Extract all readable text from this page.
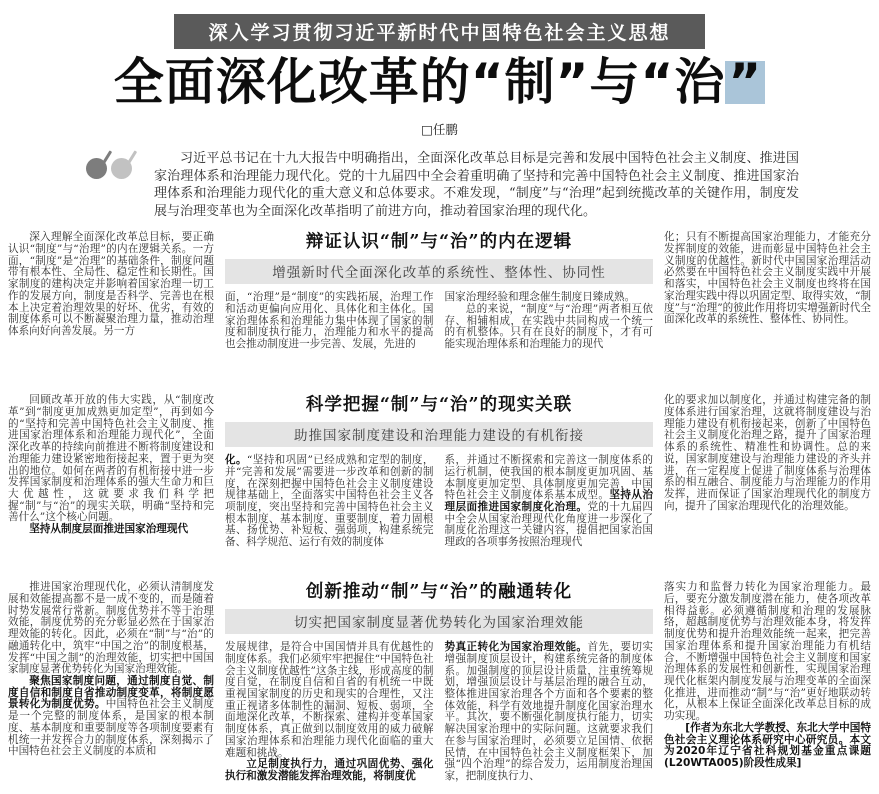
深入学习贯彻习近平新时代中国特色社会主义思想
全面深化改革的“制”与“治”
□任鹏

习近平总书记在十九大报告中明确指出，全面深化改革总目标是完善和发展中国特色社会主义制度、推进国家治理体系和治理能力现代化。党的十九届四中全会着重明确了坚持和完善中国特色社会主义制度、推进国家治理体系和治理能力现代化的重大意义和总体要求。不难发现，“制度”与“治理”起到统揽改革的关键作用，制度发展与治理变革也为全面深化改革指明了前进方向，推动着国家治理的现代化。

深入理解全面深化改革总目标，要正确认识“制度”与“治理”的内在逻辑关系。一方面，“制度”是“治理”的基础条件，制度问题带有根本性、全局性、稳定性和长期性。国家制度的建构决定并影响着国家治理一切工作的发展方向，制度是否科学、完善也在根本上决定着治理效果的好坏、优劣，有效的制度体系可以不断凝聚治理力量，推动治理体系向好向善发展。另一方

辩证认识“制”与“治”的内在逻辑
增强新时代全面深化改革的系统性、整体性、协同性

面，“治理”是“制度”的实践拓展，治理工作和活动更偏向应用化、具体化和主体化。国家治理体系和治理能力集中体现了国家的制度和制度执行能力，治理能力和水平的提高也会推动制度进一步完善、发展，先进的

国家治理经验和理念催生制度日臻成熟。

总的来说，“制度”与“治理”两者相互依存、相辅相成，在实践中共同构成一个统一的有机整体。只有在良好的制度下，才有可能实现治理体系和治理能力的现代

化；只有不断提高国家治理能力，才能充分发挥制度的效能，进而彰显中国特色社会主义制度的优越性。新时代中国国家治理活动必然要在中国特色社会主义制度实践中开展和落实，中国特色社会主义制度也终将在国家治理实践中得以巩固定型、取得实效，“制度”与“治理”的彼此作用将切实增强新时代全面深化改革的系统性、整体性、协同性。

回顾改革开放的伟大实践，从“制度改革”到“制度更加成熟更加定型”，再到如今的“坚持和完善中国特色社会主义制度、推进国家治理体系和治理能力现代化”，全面深化改革的持续向前推进不断将制度建设和治理能力建设紧密地衔接起来，置于更为突出的地位。如何在两者的有机衔接中进一步发挥国家制度和治理体系的强大生命力和巨大优越性，这就要求我们科学把握“制”与“治”的现实关联，明确“坚持和完善什么”这个核心问题。

坚持从制度层面推进国家治理现代

科学把握“制”与“治”的现实关联
助推国家制度建设和治理能力建设的有机衔接

化。“坚持和巩固”已经成熟和定型的制度，并“完善和发展”需要进一步改革和创新的制度，在深刻把握中国特色社会主义制度建设规律基础上，全面落实中国特色社会主义各项制度，突出坚持和完善中国特色社会主义根本制度、基本制度、重要制度，着力固根基、扬优势、补短板、强弱项，构建系统完备、科学规范、运行有效的制度体

系，并通过不断探索和完善这一制度体系的运行机制，使我国的根本制度更加巩固、基本制度更加定型、具体制度更加完善，中国特色社会主义制度体系基本成型。坚持从治理层面推进国家制度化治理。党的十九届四中全会从国家治理现代化角度进一步深化了制度化治理这一关键内容，提倡把国家治国理政的各项事务按照治理现代

化的要求加以制度化，并通过构建完备的制度体系进行国家治理，这就将制度建设与治理能力建设有机衔接起来，创新了中国特色社会主义制度化治理之路，提升了国家治理体系的系统性、精准性和协调性。总的来说，国家制度建设与治理能力建设的齐头并进，在一定程度上促进了制度体系与治理体系的相互融合、制度能力与治理能力的作用发挥，进而保证了国家治理现代化的制度方向，提升了国家治理现代化的治理效能。

推进国家治理现代化，必须认清制度发展和效能提高都不是一成不变的，而是随着时势发展常行常新。制度优势并不等于治理效能，制度优势的充分彰显必然在于国家治理效能的转化。因此，必须在“制”与“治”的融通转化中，筑牢“中国之治”的制度根基，发挥“中国之制”的治理效能，切实把中国国家制度显著优势转化为国家治理效能。

聚焦国家制度问题，通过制度自觉、制度自信和制度自省推动制度变革，将制度愿景转化为制度优势。中国特色社会主义制度是一个完整的制度体系，是国家的根本制度、基本制度和重要制度等各项制度要素有机统一并发挥合力的制度体系，深刻揭示了中国特色社会主义制度的本质和

创新推动“制”与“治”的融通转化
切实把国家制度显著优势转化为国家治理效能

发展规律，是符合中国国情并具有优越性的制度体系。我们必须牢牢把握住“中国特色社会主义制度优越性”这条主线，形成高度的制度自觉，在制度自信和自省的有机统一中既重视国家制度的历史和现实的合理性，又注重正视诸多体制性的漏洞、短板、弱项，全面地深化改革，不断探索、建构并变革国家制度体系，真正做到以制度效用的威力破解国家治理体系和治理能力现代化面临的重大难题和挑战。

立足制度执行力，通过巩固优势、强化执行和激发潜能发挥治理效能，将制度优

势真正转化为国家治理效能。首先，要切实增强制度顶层设计，构建系统完备的制度体系。加强制度的顶层设计质量，注重统筹规划，增强顶层设计与基层治理的融合互动，整体推进国家治理各个方面和各个要素的整体效能，科学有效地提升制度化国家治理水平。其次，要不断强化制度执行能力，切实解决国家治理中的实际问题。这就要求我们在参与国家治理时，必须要立足国情、依据民情，在中国特色社会主义制度框架下，加强“四个治理”的综合发力，运用制度治理国家，把制度执行力、

落实力和监督力转化为国家治理能力。最后，要充分激发制度潜在能力，使各项改革相得益彰。必须遵循制度和治理的发展脉络，超越制度优势与治理效能本身，将发挥制度优势和提升治理效能统一起来，把完善国家治理体系和提升国家治理能力有机结合，不断增强中国特色社会主义制度和国家治理体系的发展性和创新性，实现国家治理现代化框架内制度发展与治理变革的全面深化推进，进而推动“制”与“治”更好地联动转化，从根本上保证全面深化改革总目标的成功实现。

[作者为东北大学教授、东北大学中国特色社会主义理论体系研究中心研究员。本文为2020年辽宁省社科规划基金重点课题(L20WTA005)阶段性成果]
